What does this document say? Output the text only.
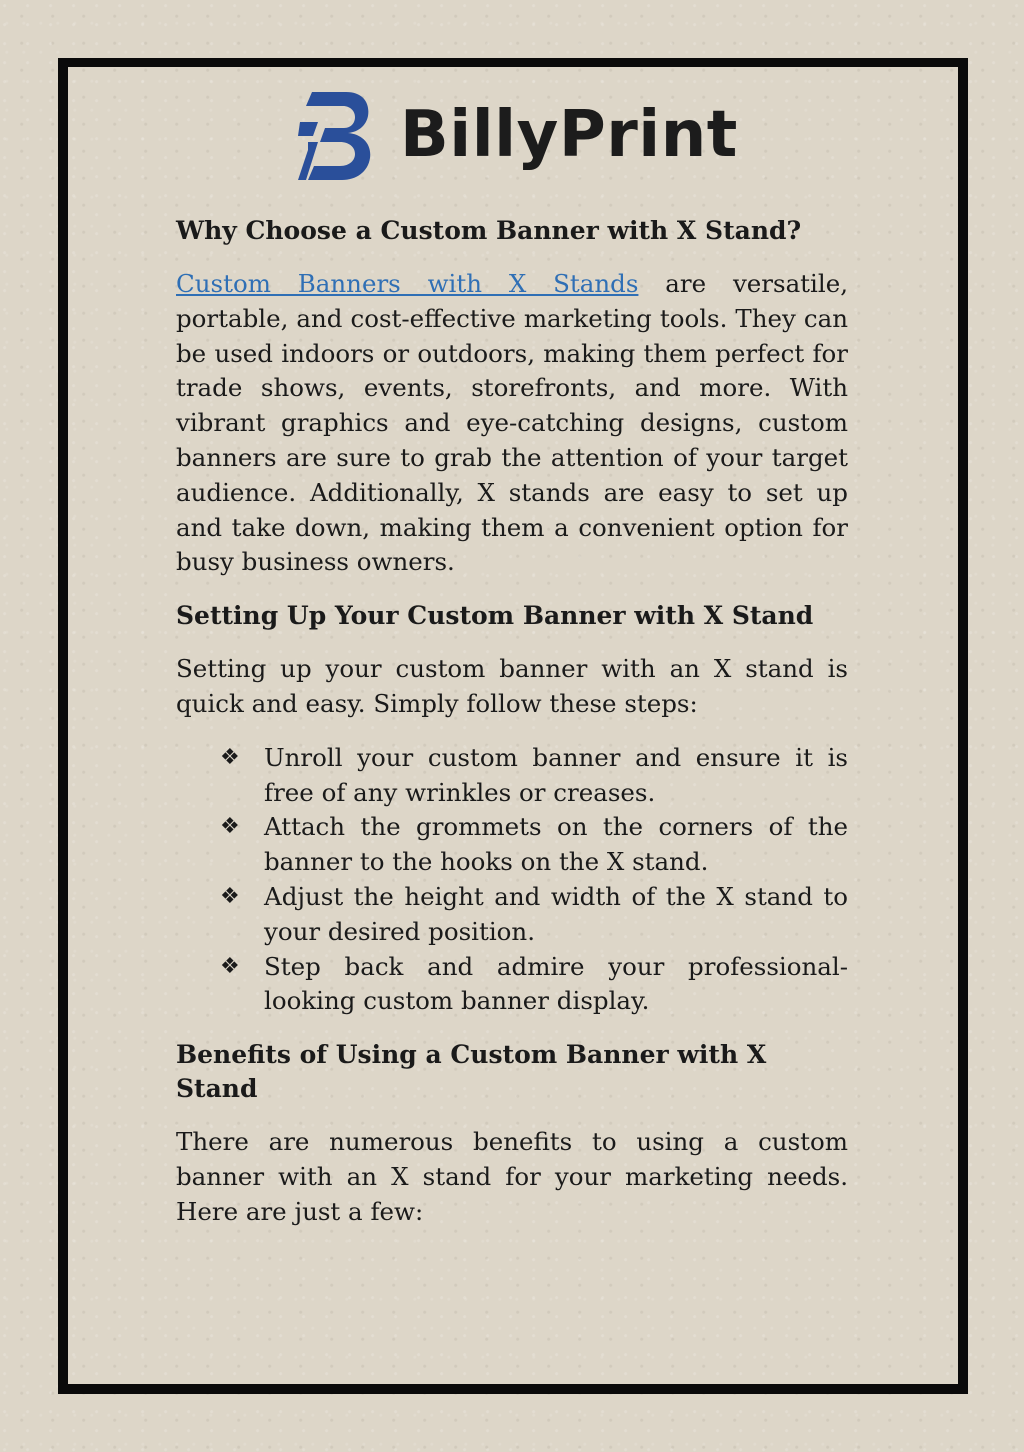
BillyPrint
Why Choose a Custom Banner with X Stand?

Custom Banners with X Stands are versatile, portable, and cost-effective marketing tools. They can be used indoors or outdoors, making them perfect for trade shows, events, storefronts, and more. With vibrant graphics and eye-catching designs, custom banners are sure to grab the attention of your target audience. Additionally, X stands are easy to set up and take down, making them a convenient option for busy business owners.

Setting Up Your Custom Banner with X Stand

Setting up your custom banner with an X stand is quick and easy. Simply follow these steps:

❖ Unroll your custom banner and ensure it is free of any wrinkles or creases.
❖ Attach the grommets on the corners of the banner to the hooks on the X stand.
❖ Adjust the height and width of the X stand to your desired position.
❖ Step back and admire your professional-looking custom banner display.
Benefits of Using a Custom Banner with X Stand

There are numerous benefits to using a custom banner with an X stand for your marketing needs. Here are just a few:
